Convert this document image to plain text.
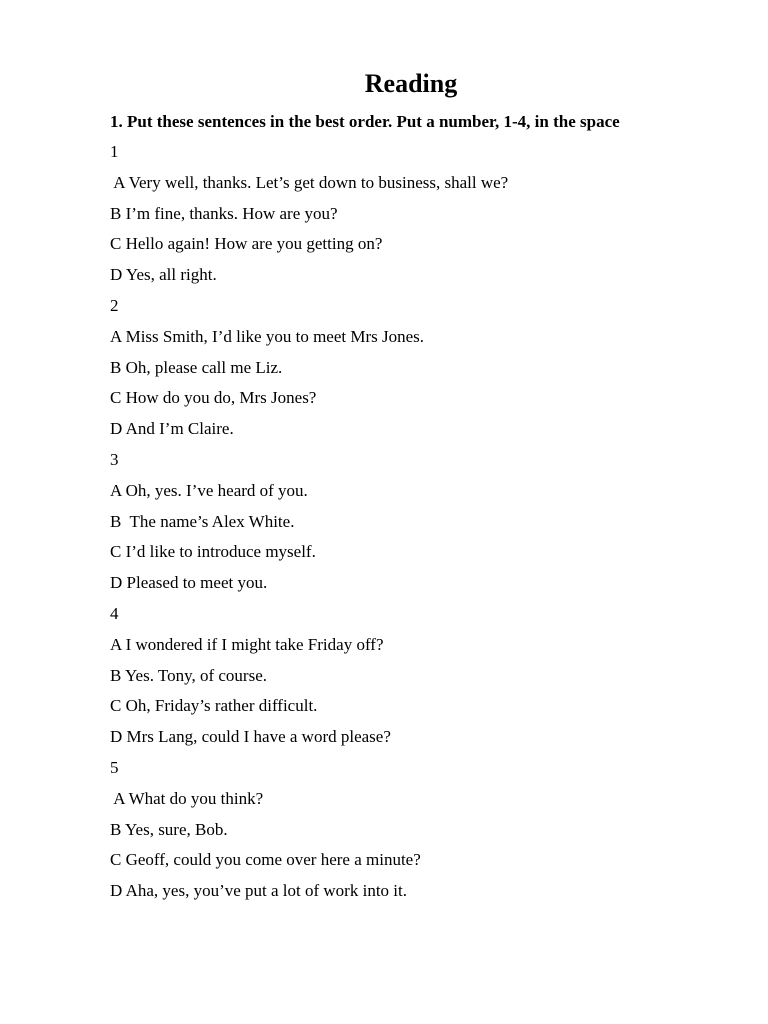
Reading
1. Put these sentences in the best order. Put a number, 1-4, in the space
1
A Very well, thanks. Let’s get down to business, shall we?
B I’m fine, thanks. How are you?
C Hello again! How are you getting on?
D Yes, all right.
2
A Miss Smith, I’d like you to meet Mrs Jones.
B Oh, please call me Liz.
C How do you do, Mrs Jones?
D And I’m Claire.
3
A Oh, yes. I’ve heard of you.
B  The name’s Alex White.
C I’d like to introduce myself.
D Pleased to meet you.
4
A I wondered if I might take Friday off?
B Yes. Tony, of course.
C Oh, Friday’s rather difficult.
D Mrs Lang, could I have a word please?
5
A What do you think?
B Yes, sure, Bob.
C Geoff, could you come over here a minute?
D Aha, yes, you’ve put a lot of work into it.
